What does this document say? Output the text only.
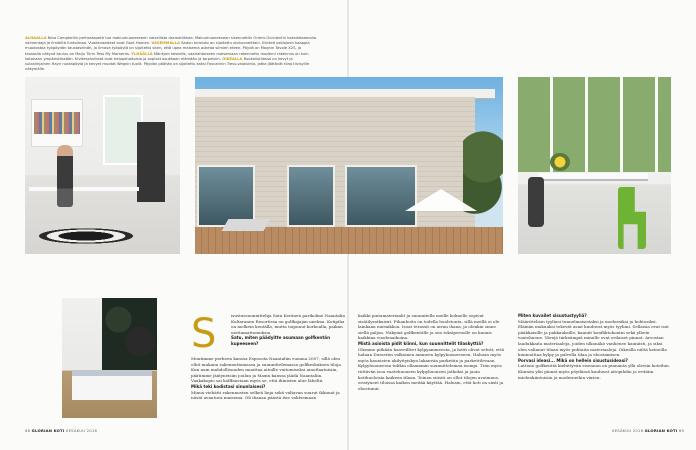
ALHAALLA Nina Campbellin perhostapetti tuo makuuhuoneeseen naisellista dramatiikkaa. Makuuhuoneeseen sisennettiin Orient-Occidentin kaksialtaamalla vaimentaja ja ilmiöiltä funtoimaa. Vuodevaatteet ovat Gant Homen. VASEMMALLA Sadun toimisto on sijoitettu olohuoneittain. Kiinteä vakioinen kaappia muodostaa työpöydän taustaseinän, ja ilmava työpöytä on sijoitettu siten, että upea maisema aukeaa silmien eteen. Pöydä on Magnin Tavole X2S, ja taustalla näkyvä tauluu on Maiju Tiirin Tess My Moments. YLHÄÄLLÄ Mäntyen keskelle, saariahtoiseen maisemaan rakennettu moderni rakennus on kuin kotonaan ympäristössään. Kivikesshuikeat ovat helppohoitoisia ja sopivat asukkaan elämään ja tarpeisiin. OIKEALLA Ruokailutilassa on kevyt ja suloalinjainen Hayn ruokapöytä ja kevyet muotat Wegnin tuolit. Pöydän päähän on sijoitettu kaksi Foscarinin Tress-valaisinta, jotka jäätävät tilaa tiivisyille näkymälle.
S	isustussuunnittelija Satu Keränen parikolme Naantalin Kultarannn Resortissa on golfkajajan unelma. Kotipiha on melkein kentällä, mutta toipunut korkealla, paikan uiottamattomuksia.

Satu, miten päädyitte asumaan golfkentän kupeeseen?

Muutimme perheen kanssa Espoosta Naantaliin vuonna 2007, sillä olen ollut mukana rakennuttamassa ja suunnittelemassa golfkeskuksen tiloja. Kun nain mahdollisuuden muuttaa aitoille vuitomiseksi ainutlaatuisiin, päätimme jäätyneisiin joulun ja Maxin kanssa jäädä Naantaliin. Vaakakopio sai kolffaustaan myös se, että ihmisten alue läheltä.

Mikä teki kodistasi sinunlaisesi?

Minua viehätti rakennusten selkeä linja sekä valtavan suurut ikkunat ja niistä avautuva maisema. Oli ihanaa päästä itse valitsemaan

kaikki pintamateriaalit ja suunnitella meille kolmelle sopivat sisätilyratkaisut. Pihanhoito on todella huoletonta, sillä meillä ei ole lainkaan nurmikkoa. Isoat terassit on aivan ihana, ja olenkin sinne siellä paljon. Näkymä golfkentälle ja sen toksiperuolle on kaunis kaikkina vuodenaikoina.

Mistä asioista pidit kiinni, kun suunnittelit tilaskyttiä?

Olemme pitkään haaveilleet kylpyammeesta, ja hetit olivat selvät, että haluan Duravitin valkoinen ammeen kylpyhuoneeseen. Halusin myös myös kaunisten akilyttyiskyn lakanvän parketiin ja parkettilevaan. Kylpyhuoneessa tulikin ollaammin suunnittelemaa isompi. Trän myös riittävän isoa vaatehuoneen kylpyhuoneen jatkoksi ja jaoin kotihuoloisia kaikeen tilaan. Toinen siiisiti on ollut tilojen avoimuus, eristyneet tiloissa kaiken meitää käyttää. Halusin, että koti on siisti ja ehostunut.

Miten kuvailet sisustustyyliä?

Määrittelisin tyylinsi tunnelmaisistaksi ja moderniksi ja hohtosiksi. Elämän makuuksi tekevät asiat kuuluvat myös tyyliini. Sellaisia ovat isot pääkkaisille ja pakkauksille, kauniit konfliktokontin sekä ylhein vaatehuone. Värejä tärkeämpiä minulle ovat erilaiset pinnat. Arvostan laadukkaita materiaaleja, joiden ulkonäkö vanhenee kauniisti, ja siksi olen valinnut tilaan myös puhtaita materiaaleja. Oikealla niiltä keinoilla kunnioittaa kylpy ja palvella tilaa ja ehostamisen.

Porvasi ideasi... Mikä on hellein sisustusideasi?

Lattioin golfkenttä kiehittyvän sisennon on pinnanta yllä oleviin koteihin. Kiinnön ylin pinnat myös pöydässä kuuluvat aitopihdin ja erittäin mielenkiintoisiin ja moderneihin värien.

68 GLORIAN KOTI KESÄKUU 2016	KESÄKUU 2016 GLORIAN KOTI 69
